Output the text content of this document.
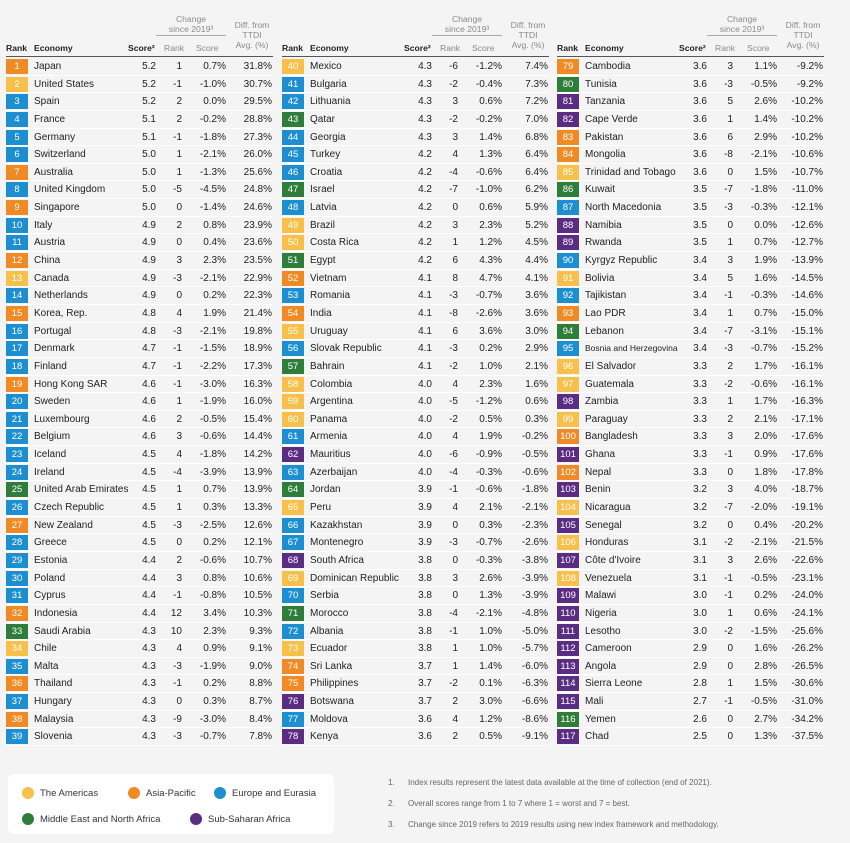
Change
since 2019³	Diff. from
TTDI
Avg. (%)
Rank Economy	Score² Rank Score
1	Japan	5.2	1	0.7%	31.8%
2	United States	5.2	-1	-1.0%	30.7%
3	Spain	5.2	2	0.0%	29.5%
4	France	5.1	2	-0.2%	28.8%
5	Germany	5.1	-1	-1.8%	27.3%
6	Switzerland	5.0	1	-2.1%	26.0%
7	Australia	5.0	1	-1.3%	25.6%
8	United Kingdom	5.0	-5	-4.5%	24.8%
9	Singapore	5.0	0	-1.4%	24.6%
10	Italy	4.9	2	0.8%	23.9%
11	Austria	4.9	0	0.4%	23.6%
12	China	4.9	3	2.3%	23.5%
13	Canada	4.9	-3	-2.1%	22.9%
14	Netherlands	4.9	0	0.2%	22.3%
15	Korea, Rep.	4.8	4	1.9%	21.4%
16	Portugal	4.8	-3	-2.1%	19.8%
17	Denmark	4.7	-1	-1.5%	18.9%
18	Finland	4.7	-1	-2.2%	17.3%
19	Hong Kong SAR	4.6	-1	-3.0%	16.3%
20	Sweden	4.6	1	-1.9%	16.0%
21	Luxembourg	4.6	2	-0.5%	15.4%
22	Belgium	4.6	3	-0.6%	14.4%
23	Iceland	4.5	4	-1.8%	14.2%
24	Ireland	4.5	-4	-3.9%	13.9%
25	United Arab Emirates	4.5	1	0.7%	13.9%
26	Czech Republic	4.5	1	0.3%	13.3%
27	New Zealand	4.5	-3	-2.5%	12.6%
28	Greece	4.5	0	0.2%	12.1%
29	Estonia	4.4	2	-0.6%	10.7%
30	Poland	4.4	3	0.8%	10.6%
31	Cyprus	4.4	-1	-0.8%	10.5%
32	Indonesia	4.4	12	3.4%	10.3%
33	Saudi Arabia	4.3	10	2.3%	9.3%
34	Chile	4.3	4	0.9%	9.1%
35	Malta	4.3	-3	-1.9%	9.0%
36	Thailand	4.3	-1	0.2%	8.8%
37	Hungary	4.3	0	0.3%	8.7%
38	Malaysia	4.3	-9	-3.0%	8.4%
39	Slovenia	4.3	-3	-0.7%	7.8%
Change
since 2019³	Diff. from
TTDI
Avg. (%)
Rank Economy	Score² Rank Score
40	Mexico	4.3	-6	-1.2%	7.4%
41	Bulgaria	4.3	-2	-0.4%	7.3%
42	Lithuania	4.3	3	0.6%	7.2%
43	Qatar	4.3	-2	-0.2%	7.0%
44	Georgia	4.3	3	1.4%	6.8%
45	Turkey	4.2	4	1.3%	6.4%
46	Croatia	4.2	-4	-0.6%	6.4%
47	Israel	4.2	-7	-1.0%	6.2%
48	Latvia	4.2	0	0.6%	5.9%
49	Brazil	4.2	3	2.3%	5.2%
50	Costa Rica	4.2	1	1.2%	4.5%
51	Egypt	4.2	6	4.3%	4.4%
52	Vietnam	4.1	8	4.7%	4.1%
53	Romania	4.1	-3	-0.7%	3.6%
54	India	4.1	-8	-2.6%	3.6%
55	Uruguay	4.1	6	3.6%	3.0%
56	Slovak Republic	4.1	-3	0.2%	2.9%
57	Bahrain	4.1	-2	1.0%	2.1%
58	Colombia	4.0	4	2.3%	1.6%
59	Argentina	4.0	-5	-1.2%	0.6%
60	Panama	4.0	-2	0.5%	0.3%
61	Armenia	4.0	4	1.9%	-0.2%
62	Mauritius	4.0	-6	-0.9%	-0.5%
63	Azerbaijan	4.0	-4	-0.3%	-0.6%
64	Jordan	3.9	-1	-0.6%	-1.8%
65	Peru	3.9	4	2.1%	-2.1%
66	Kazakhstan	3.9	0	0.3%	-2.3%
67	Montenegro	3.9	-3	-0.7%	-2.6%
68	South Africa	3.8	0	-0.3%	-3.8%
69	Dominican Republic	3.8	3	2.6%	-3.9%
70	Serbia	3.8	0	1.3%	-3.9%
71	Morocco	3.8	-4	-2.1%	-4.8%
72	Albania	3.8	-1	1.0%	-5.0%
73	Ecuador	3.8	1	1.0%	-5.7%
74	Sri Lanka	3.7	1	1.4%	-6.0%
75	Philippines	3.7	-2	0.1%	-6.3%
76	Botswana	3.7	2	3.0%	-6.6%
77	Moldova	3.6	4	1.2%	-8.6%
78	Kenya	3.6	2	0.5%	-9.1%
Change
since 2019³	Diff. from
TTDI
Avg. (%)
Rank Economy	Score² Rank Score
79	Cambodia	3.6	3	1.1%	-9.2%
80	Tunisia	3.6	-3	-0.5%	-9.2%
81	Tanzania	3.6	5	2.6%	-10.2%
82	Cape Verde	3.6	1	1.4%	-10.2%
83	Pakistan	3.6	6	2.9%	-10.2%
84	Mongolia	3.6	-8	-2.1%	-10.6%
85	Trinidad and Tobago	3.6	0	1.5%	-10.7%
86	Kuwait	3.5	-7	-1.8%	-11.0%
87	North Macedonia	3.5	-3	-0.3%	-12.1%
88	Namibia	3.5	0	0.0%	-12.6%
89	Rwanda	3.5	1	0.7%	-12.7%
90	Kyrgyz Republic	3.4	3	1.9%	-13.9%
91	Bolivia	3.4	5	1.6%	-14.5%
92	Tajikistan	3.4	-1	-0.3%	-14.6%
93	Lao PDR	3.4	1	0.7%	-15.0%
94	Lebanon	3.4	-7	-3.1%	-15.1%
95	Bosnia and Herzegovina	3.4	-3	-0.7%	-15.2%
96	El Salvador	3.3	2	1.7%	-16.1%
97	Guatemala	3.3	-2	-0.6%	-16.1%
98	Zambia	3.3	1	1.7%	-16.3%
99	Paraguay	3.3	2	2.1%	-17.1%
100 Bangladesh	3.3	3	2.0%	-17.6%
101 Ghana	3.3	-1	0.9%	-17.6%
102 Nepal	3.3	0	1.8%	-17.8%
103 Benin	3.2	3	4.0%	-18.7%
104 Nicaragua	3.2	-7	-2.0%	-19.1%
105 Senegal	3.2	0	0.4%	-20.2%
106 Honduras	3.1	-2	-2.1%	-21.5%
107 Côte d'Ivoire	3.1	3	2.6%	-22.6%
108 Venezuela	3.1	-1	-0.5%	-23.1%
109 Malawi	3.0	-1	0.2%	-24.0%
110 Nigeria	3.0	1	0.6%	-24.1%
111 Lesotho	3.0	-2	-1.5%	-25.6%
112 Cameroon	2.9	0	1.6%	-26.2%
113 Angola	2.9	0	2.8%	-26.5%
114 Sierra Leone	2.8	1	1.5%	-30.6%
115 Mali	2.7	-1	-0.5%	-31.0%
116 Yemen	2.6	0	2.7%	-34.2%
117 Chad	2.5	0	1.3%	-37.5%
The Americas	Asia-Pacific	Europe and Eurasia
Middle East and North Africa	Sub-Saharan Africa
1. Index results represent the latest data available at the time of collection (end of 2021).
2. Overall scores range from 1 to 7 where 1 = worst and 7 = best.
3. Change since 2019 refers to 2019 results using new index framework and methodology.
